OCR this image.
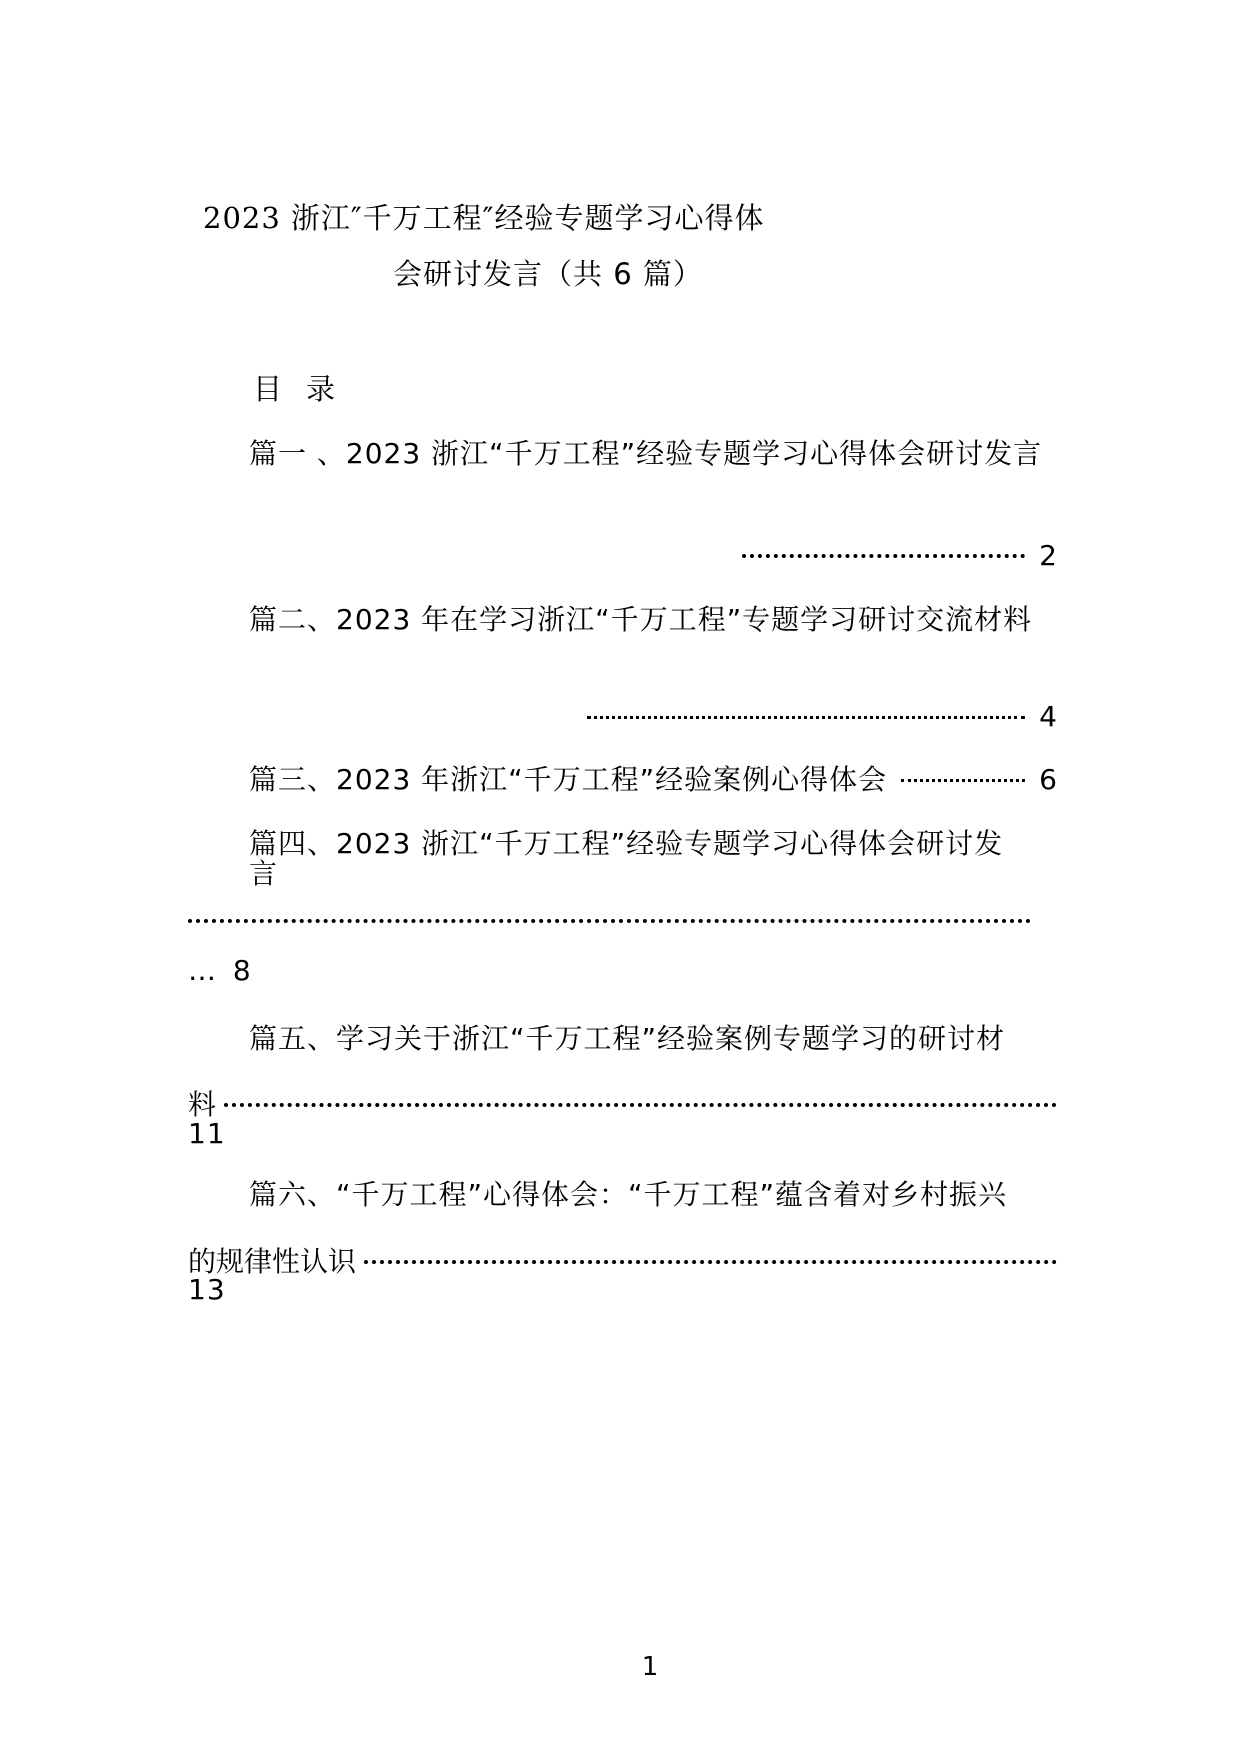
2023 浙江″千万工程″经验专题学习心得体
会研讨发言（共 6 篇）
目录
篇一 、2023 浙江“千万工程”经验专题学习心得体会研讨发言
2
篇二、2023 年在学习浙江“千万工程”专题学习研讨交流材料
4
篇三、2023 年浙江“千万工程”经验案例心得体会	6
篇四、2023 浙江“千万工程”经验专题学习心得体会研讨发
言
… 8
篇五、学习关于浙江“千万工程”经验案例专题学习的研讨材
料
11
篇六、“千万工程”心得体会：“千万工程”蕴含着对乡村振兴
的规律性认识
13
1
